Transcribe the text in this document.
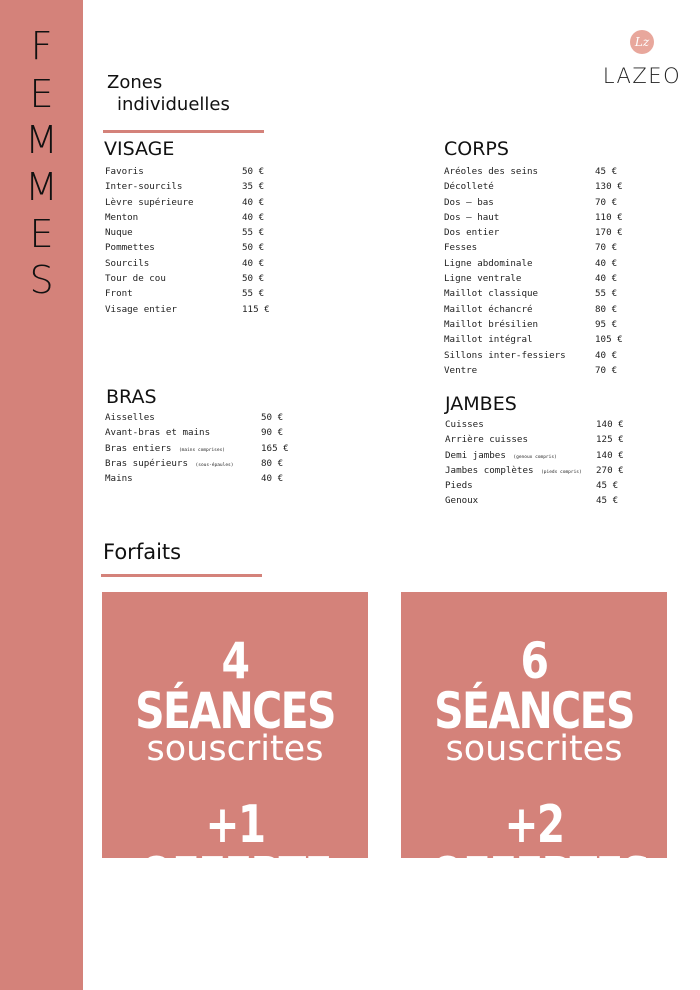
F
E
M
M
E
S
Lz
LAZEO
Zones
individuelles
VISAGE
Favoris	50 €
Inter-sourcils	35 €
Lèvre supérieure	40 €
Menton	40 €
Nuque	55 €
Pommettes	50 €
Sourcils	40 €
Tour de cou	50 €
Front	55 €
Visage entier	115 €
CORPS
Aréoles des seins	45 €
Décolleté	130 €
Dos – bas	70 €
Dos – haut	110 €
Dos entier	170 €
Fesses	70 €
Ligne abdominale	40 €
Ligne ventrale	40 €
Maillot classique	55 €
Maillot échancré	80 €
Maillot brésilien	95 €
Maillot intégral	105 €
Sillons inter-fessiers	40 €
Ventre	70 €
BRAS
Aisselles	50 €
Avant-bras et mains	90 €
Bras entiers (mains comprises)	165 €
Bras supérieurs (sous-épaules)	80 €
Mains	40 €
JAMBES
Cuisses	140 €
Arrière cuisses	125 €
Demi jambes (genoux compris)	140 €
Jambes complètes (pieds compris) 270 €
Pieds	45 €
Genoux	45 €
Forfaits
4 SÉANCES
souscrites
+1 OFFERTE
6 SÉANCES
souscrites
+2 OFFERTES
